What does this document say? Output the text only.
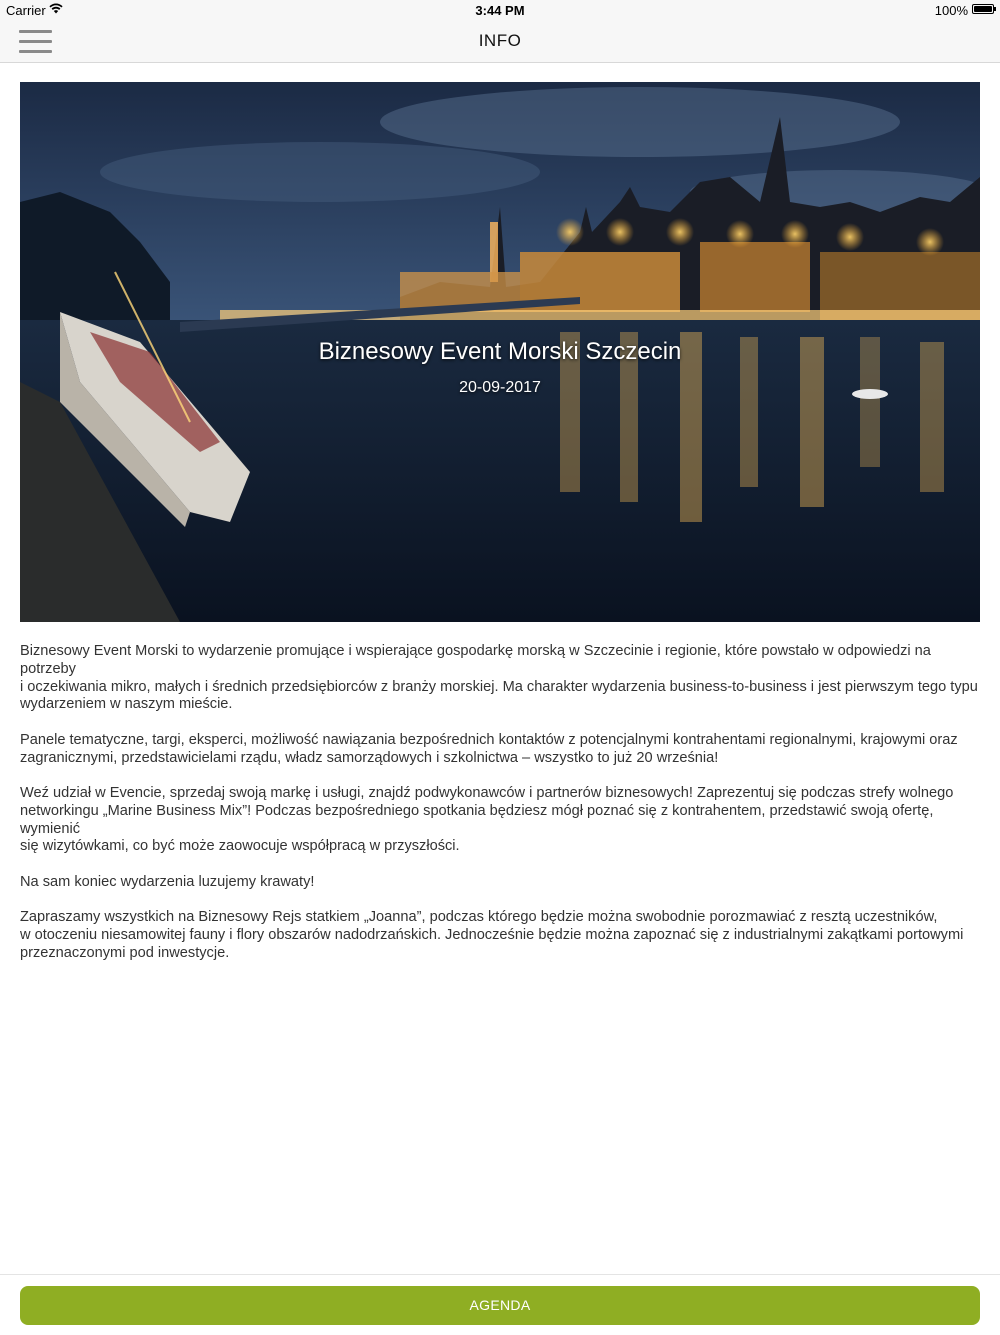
Carrier	3:44 PM	100%
INFO
Biznesowy Event Morski Szczecin
20-09-2017

Biznesowy Event Morski to wydarzenie promujące i wspierające gospodarkę morską w Szczecinie i regionie, które powstało w odpowiedzi na potrzeby
i oczekiwania mikro, małych i średnich przedsiębiorców z branży morskiej. Ma charakter wydarzenia business-to-business i jest pierwszym tego typu
wydarzeniem w naszym mieście.

Panele tematyczne, targi, eksperci, możliwość nawiązania bezpośrednich kontaktów z potencjalnymi kontrahentami regionalnymi, krajowymi oraz
zagranicznymi, przedstawicielami rządu, władz samorządowych i szkolnictwa – wszystko to już 20 września!

Weź udział w Evencie, sprzedaj swoją markę i usługi, znajdź podwykonawców i partnerów biznesowych! Zaprezentuj się podczas strefy wolnego
networkingu „Marine Business Mix”! Podczas bezpośredniego spotkania będziesz mógł poznać się z kontrahentem, przedstawić swoją ofertę, wymienić
się wizytówkami, co być może zaowocuje współpracą w przyszłości.

Na sam koniec wydarzenia luzujemy krawaty!

Zapraszamy wszystkich na Biznesowy Rejs statkiem „Joanna”, podczas którego będzie można swobodnie porozmawiać z resztą uczestników,
w otoczeniu niesamowitej fauny i flory obszarów nadodrzańskich. Jednocześnie będzie można zapoznać się z industrialnymi zakątkami portowymi
przeznaczonymi pod inwestycje.

AGENDA
